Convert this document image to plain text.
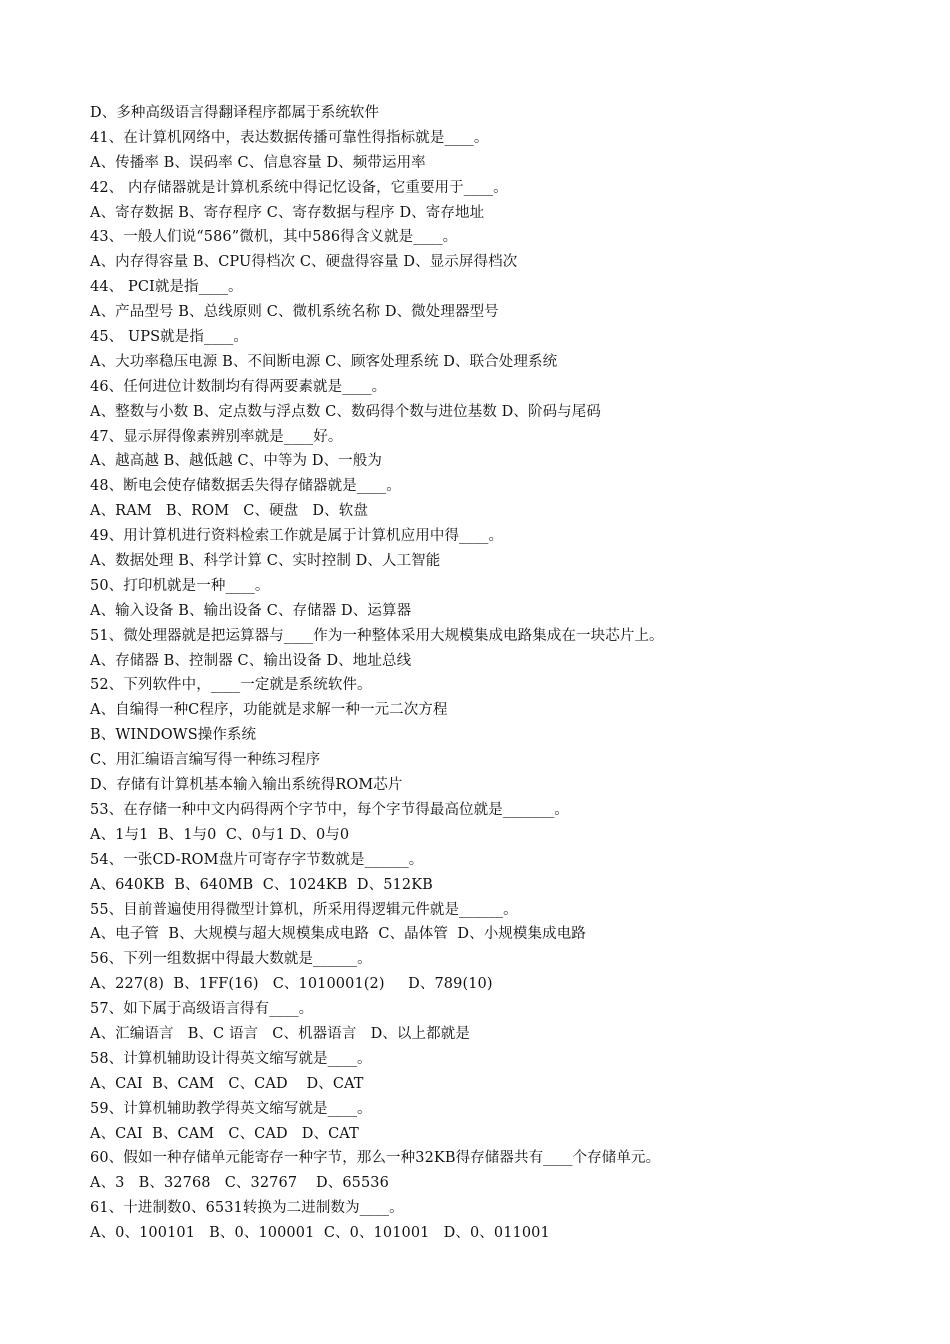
D、多种高级语言得翻译程序都属于系统软件
41、在计算机网络中，表达数据传播可靠性得指标就是____。
A、传播率 B、误码率 C、信息容量 D、频带运用率
42、 内存储器就是计算机系统中得记忆设备，它重要用于____。
A、寄存数据 B、寄存程序 C、寄存数据与程序 D、寄存地址
43、一般人们说“586”微机，其中586得含义就是____。
A、内存得容量 B、CPU得档次 C、硬盘得容量 D、显示屏得档次
44、 PCI就是指____。
A、产品型号 B、总线原则 C、微机系统名称 D、微处理器型号
45、 UPS就是指____。
A、大功率稳压电源 B、不间断电源 C、顾客处理系统 D、联合处理系统
46、任何进位计数制均有得两要素就是____。
A、整数与小数 B、定点数与浮点数 C、数码得个数与进位基数 D、阶码与尾码
47、显示屏得像素辨别率就是____好。
A、越高越 B、越低越 C、中等为 D、一般为
48、断电会使存储数据丢失得存储器就是____。
A、RAM   B、ROM   C、硬盘   D、软盘
49、用计算机进行资料检索工作就是属于计算机应用中得____。
A、数据处理 B、科学计算 C、实时控制 D、人工智能
50、打印机就是一种____。
A、输入设备 B、输出设备 C、存储器 D、运算器
51、微处理器就是把运算器与____作为一种整体采用大规模集成电路集成在一块芯片上。
A、存储器 B、控制器 C、输出设备 D、地址总线
52、下列软件中，____一定就是系统软件。
A、自编得一种C程序，功能就是求解一种一元二次方程
B、WINDOWS操作系统
C、用汇编语言编写得一种练习程序
D、存储有计算机基本输入输出系统得ROM芯片
53、在存储一种中文内码得两个字节中，每个字节得最高位就是_______。
A、1与1  B、1与0  C、0与1 D、0与0
54、一张CD-ROM盘片可寄存字节数就是______。
A、640KB  B、640MB  C、1024KB  D、512KB
55、目前普遍使用得微型计算机，所采用得逻辑元件就是______。
A、电子管  B、大规模与超大规模集成电路  C、晶体管  D、小规模集成电路
56、下列一组数据中得最大数就是______。
A、227(8)  B、1FF(16)   C、1010001(2)     D、789(10)
57、如下属于高级语言得有____。
A、汇编语言   B、C 语言   C、机器语言   D、以上都就是
58、计算机辅助设计得英文缩写就是____。
A、CAI  B、CAM   C、CAD    D、CAT
59、计算机辅助教学得英文缩写就是____。
A、CAI  B、CAM   C、CAD   D、CAT
60、假如一种存储单元能寄存一种字节，那么一种32KB得存储器共有____个存储单元。
A、3   B、32768   C、32767    D、65536
61、十进制数0、6531转换为二进制数为____。
A、0、100101   B、0、100001  C、0、101001   D、0、011001
